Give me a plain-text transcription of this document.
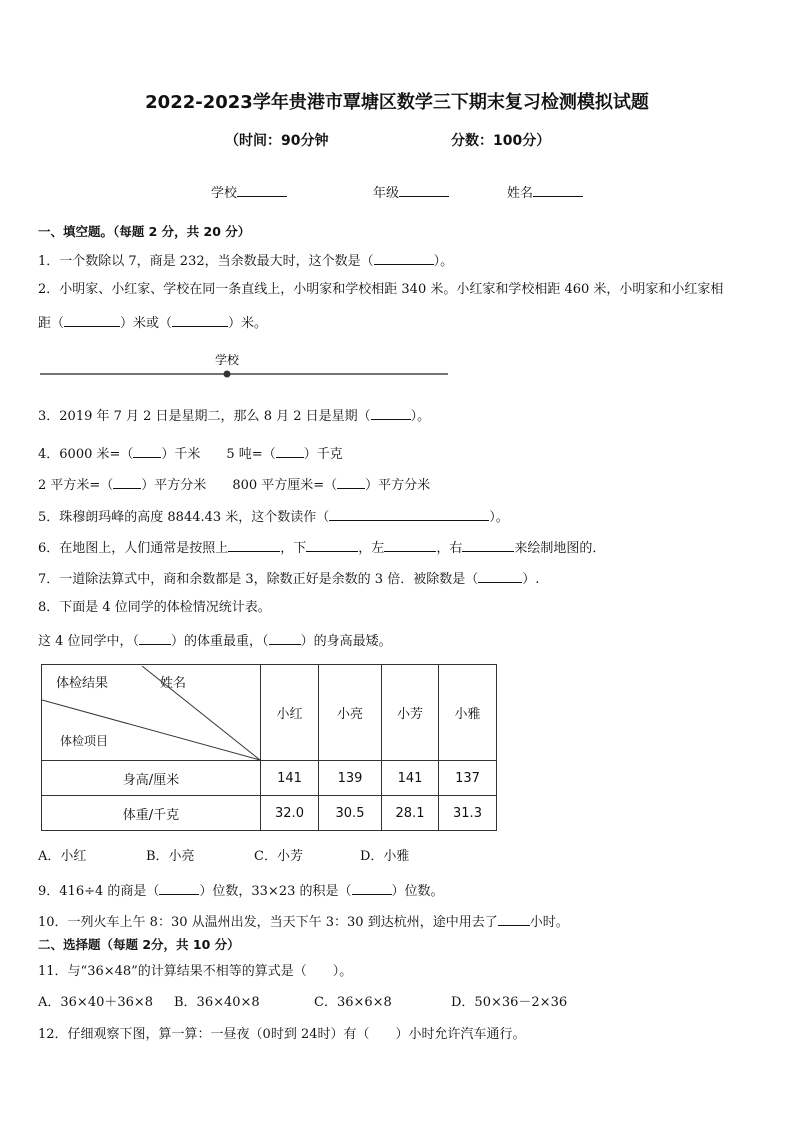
2022-2023学年贵港市覃塘区数学三下期末复习检测模拟试题
（时间：90分钟	分数：100分）
学校	年级	姓名
一、填空题。（每题 2 分，共 20 分）
1．一个数除以 7，商是 232，当余数最大时，这个数是（	）。
2．小明家、小红家、学校在同一条直线上，小明家和学校相距 340 米。小红家和学校相距 460 米，小明家和小红家相
距（	）米或（	）米。
学校
3．2019 年 7 月 2 日是星期二，那么 8 月 2 日是星期（	）。
4．6000 米=（ ）千米 5 吨=（ ）千克
2 平方米=（ ）平方分米 800 平方厘米=（ ）平方分米
5．珠穆朗玛峰的高度 8844.43 米，这个数读作（	）。
6．在地图上，人们通常是按照上	，下	，左	，右	来绘制地图的．
7．一道除法算式中，商和余数都是 3，除数正好是余数的 3 倍．被除数是（	）.
8．下面是 4 位同学的体检情况统计表。
这 4 位同学中，（ ）的体重最重，（ ）的身高最矮。
体检结果 姓名
体检项目	小红	小亮	小芳	小雅
身高/厘米	141	139	141	137
体重/千克	32.0	30.5	28.1	31.3
A．小红	B．小亮	C．小芳	D．小雅
9．416÷4 的商是（	）位数，33×23 的积是（	）位数。
10．一列火车上午 8：30 从温州出发，当天下午 3：30 到达杭州，途中用去了 小时。
二、选择题（每题 2分，共 10 分）
11．与“36×48”的计算结果不相等的算式是（　　）。
A．36×40＋36×8 B．36×40×8	C．36×6×8	D．50×36－2×36
12．仔细观察下图，算一算：一昼夜（0时到 24时）有（　　）小时允许汽车通行。
